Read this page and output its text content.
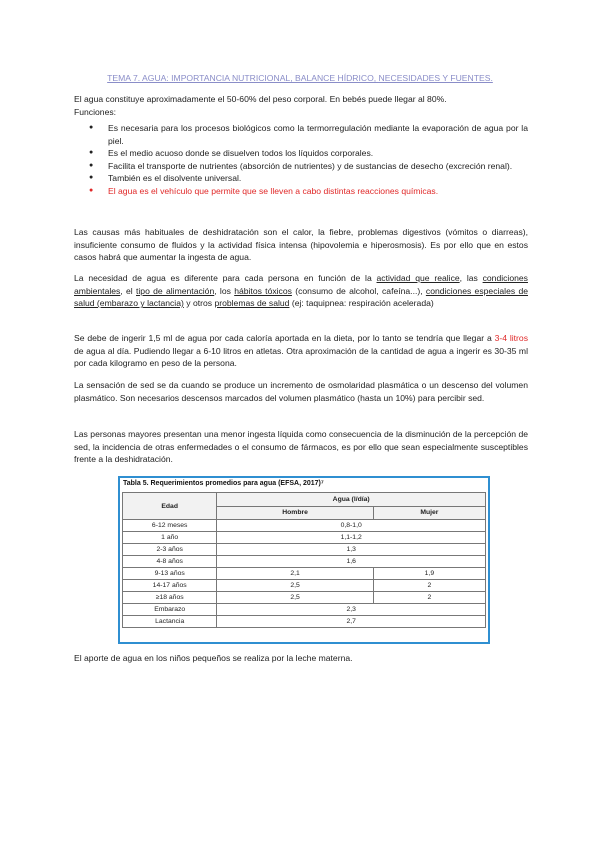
TEMA 7. AGUA: IMPORTANCIA NUTRICIONAL, BALANCE HÍDRICO, NECESIDADES Y FUENTES.

El agua constituye aproximadamente el 50-60% del peso corporal. En bebés puede llegar al 80%.

Funciones:

● Es necesaria para los procesos biológicos como la termorregulación mediante la evaporación de agua por la piel.
● Es el medio acuoso donde se disuelven todos los líquidos corporales.
● Facilita el transporte de nutrientes (absorción de nutrientes) y de sustancias de desecho (excreción renal).
● También es el disolvente universal.
● El agua es el vehículo que permite que se lleven a cabo distintas reacciones químicas.

Las causas más habituales de deshidratación son el calor, la fiebre, problemas digestivos (vómitos o diarreas), insuficiente consumo de fluidos y la actividad física intensa (hipovolemia e hiperosmosis). Es por ello que en estos casos habrá que aumentar la ingesta de agua.

La necesidad de agua es diferente para cada persona en función de la actividad que realice, las condiciones ambientales, el tipo de alimentación, los hábitos tóxicos (consumo de alcohol, cafeína...), condiciones especiales de salud (embarazo y lactancia) y otros problemas de salud (ej: taquipnea: respiración acelerada)

Se debe de ingerir 1,5 ml de agua por cada caloría aportada en la dieta, por lo tanto se tendría que llegar a 3-4 litros de agua al día. Pudiendo llegar a 6-10 litros en atletas. Otra aproximación de la cantidad de agua a ingerir es 30-35 ml por cada kilogramo en peso de la persona.

La sensación de sed se da cuando se produce un incremento de osmolaridad plasmática o un descenso del volumen plasmático. Son necesarios descensos marcados del volumen plasmático (hasta un 10%) para percibir sed.

Las personas mayores presentan una menor ingesta líquida como consecuencia de la disminución de la percepción de sed, la incidencia de otras enfermedades o el consumo de fármacos, es por ello que sean especialmente susceptibles frente a la deshidratación.

Tabla 5. Requerimientos promedios para agua (EFSA, 2017)⁷
Edad	Agua (l/día)	
	Hombre	Mujer
6-12 meses	0,8-1,0	
1 año	1,1-1,2	
2-3 años	1,3	
4-8 años	1,6	
9-13 años	2,1	1,9
14-17 años	2,5	2
≥18 años	2,5	2
Embarazo	2,3	
Lactancia	2,7	

El aporte de agua en los niños pequeños se realiza por la leche materna.
